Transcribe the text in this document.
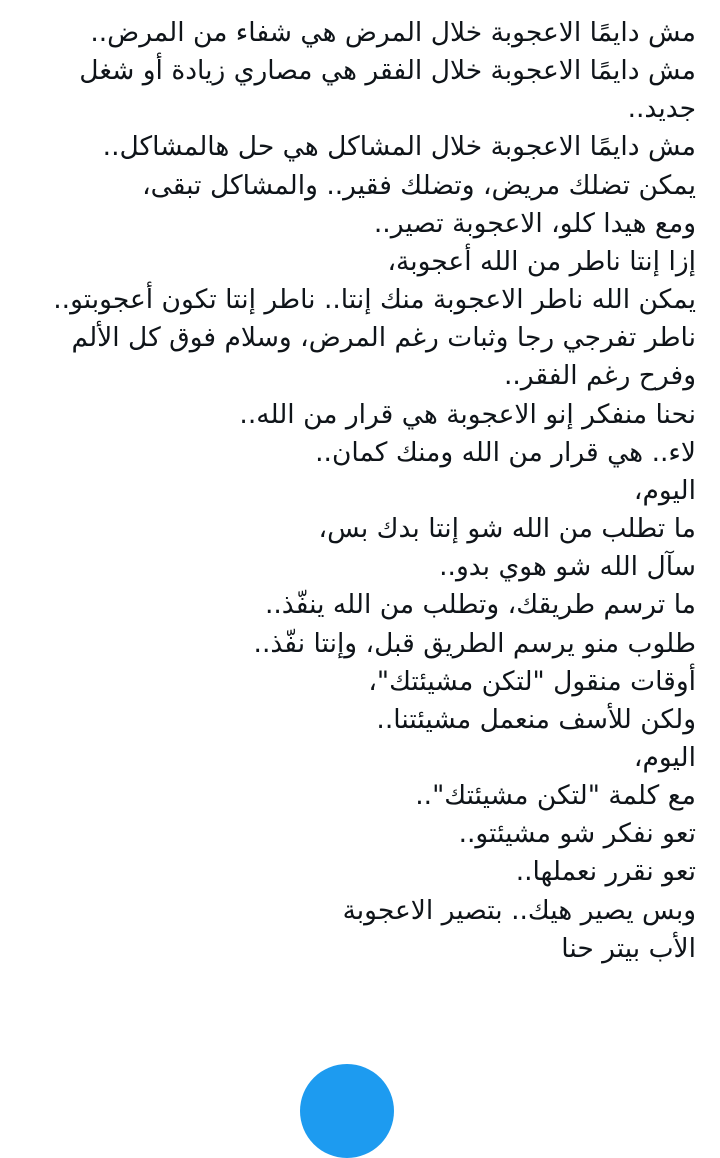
مش دايمًا الاعجوبة خلال المرض هي شفاء من المرض..
مش دايمًا الاعجوبة خلال الفقر هي مصاري زيادة أو شغل
جديد..
مش دايمًا الاعجوبة خلال المشاكل هي حل هالمشاكل..
يمكن تضلك مريض، وتضلك فقير.. والمشاكل تبقى،
ومع هيدا كلو، الاعجوبة تصير..
إزا إنتا ناطر من الله أعجوبة،
يمكن الله ناطر الاعجوبة منك إنتا.. ناطر إنتا تكون أعجوبتو..
ناطر تفرجي رجا وثبات رغم المرض، وسلام فوق كل الألم
وفرح رغم الفقر..
نحنا منفكر إنو الاعجوبة هي قرار من الله..
لاء.. هي قرار من الله ومنك كمان..
اليوم،
ما تطلب من الله شو إنتا بدك بس،
سآل الله شو هوي بدو..
ما ترسم طريقك، وتطلب من الله ينفّذ..
طلوب منو يرسم الطريق قبل، وإنتا نفّذ..
أوقات منقول "لتكن مشيئتك"،
ولكن للأسف منعمل مشيئتنا..
اليوم،
مع كلمة "لتكن مشيئتك"..
تعو نفكر شو مشيئتو..
تعو نقرر نعملها..
وبس يصير هيك.. بتصير الاعجوبة
الأب بيتر حنا
